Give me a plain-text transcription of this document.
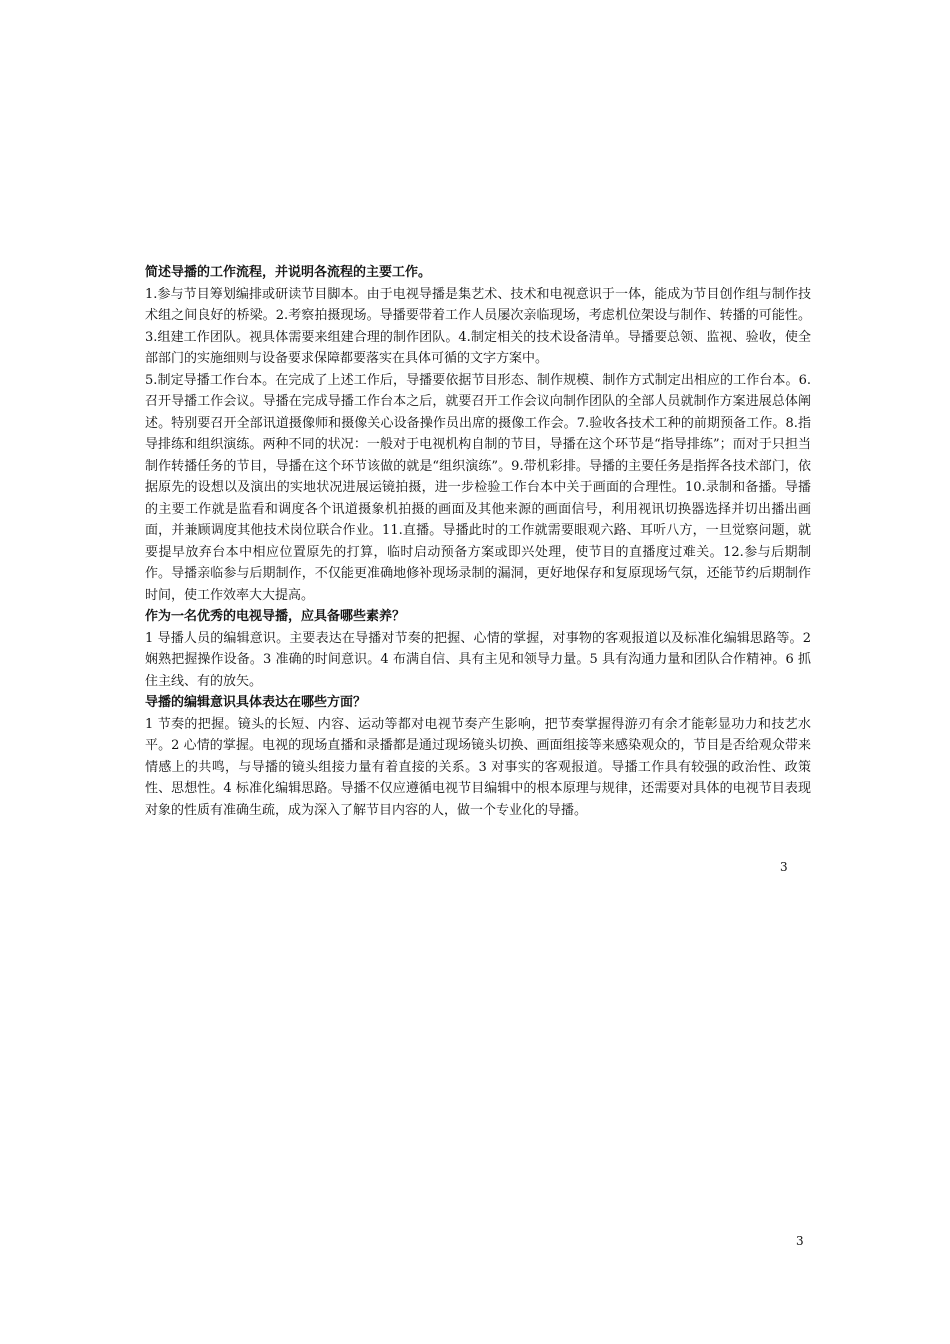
简述导播的工作流程，并说明各流程的主要工作。

1.参与节目筹划编排或研读节目脚本。由于电视导播是集艺术、技术和电视意识于一体，能成为节目创作组与制作技术组之间良好的桥梁。2.考察拍摄现场。导播要带着工作人员屡次亲临现场，考虑机位架设与制作、转播的可能性。3.组建工作团队。视具体需要来组建合理的制作团队。4.制定相关的技术设备清单。导播要总领、监视、验收，使全部部门的实施细则与设备要求保障都要落实在具体可循的文字方案中。

5.制定导播工作台本。在完成了上述工作后，导播要依据节目形态、制作规模、制作方式制定出相应的工作台本。6.召开导播工作会议。导播在完成导播工作台本之后，就要召开工作会议向制作团队的全部人员就制作方案进展总体阐述。特别要召开全部讯道摄像师和摄像关心设备操作员出席的摄像工作会。7.验收各技术工种的前期预备工作。8.指导排练和组织演练。两种不同的状况：一般对于电视机构自制的节目，导播在这个环节是“指导排练”；而对于只担当制作转播任务的节目，导播在这个环节该做的就是“组织演练”。9.带机彩排。导播的主要任务是指挥各技术部门，依据原先的设想以及演出的实地状况进展运镜拍摄，进一步检验工作台本中关于画面的合理性。10.录制和备播。导播的主要工作就是监看和调度各个讯道摄象机拍摄的画面及其他来源的画面信号，利用视讯切换器选择并切出播出画面，并兼顾调度其他技术岗位联合作业。11.直播。导播此时的工作就需要眼观六路、耳听八方，一旦觉察问题，就要提早放弃台本中相应位置原先的打算，临时启动预备方案或即兴处理，使节目的直播度过难关。12.参与后期制作。导播亲临参与后期制作，不仅能更准确地修补现场录制的漏洞，更好地保存和复原现场气氛，还能节约后期制作时间，使工作效率大大提高。

作为一名优秀的电视导播，应具备哪些素养？

1 导播人员的编辑意识。主要表达在导播对节奏的把握、心情的掌握，对事物的客观报道以及标准化编辑思路等。2 娴熟把握操作设备。3 准确的时间意识。4 布满自信、具有主见和领导力量。5 具有沟通力量和团队合作精神。6 抓住主线、有的放矢。

导播的编辑意识具体表达在哪些方面？

1 节奏的把握。镜头的长短、内容、运动等都对电视节奏产生影响，把节奏掌握得游刃有余才能彰显功力和技艺水平。2 心情的掌握。电视的现场直播和录播都是通过现场镜头切换、画面组接等来感染观众的，节目是否给观众带来情感上的共鸣，与导播的镜头组接力量有着直接的关系。3 对事实的客观报道。导播工作具有较强的政治性、政策性、思想性。4 标准化编辑思路。导播不仅应遵循电视节目编辑中的根本原理与规律，还需要对具体的电视节目表现对象的性质有准确生疏，成为深入了解节目内容的人，做一个专业化的导播。

3
3
